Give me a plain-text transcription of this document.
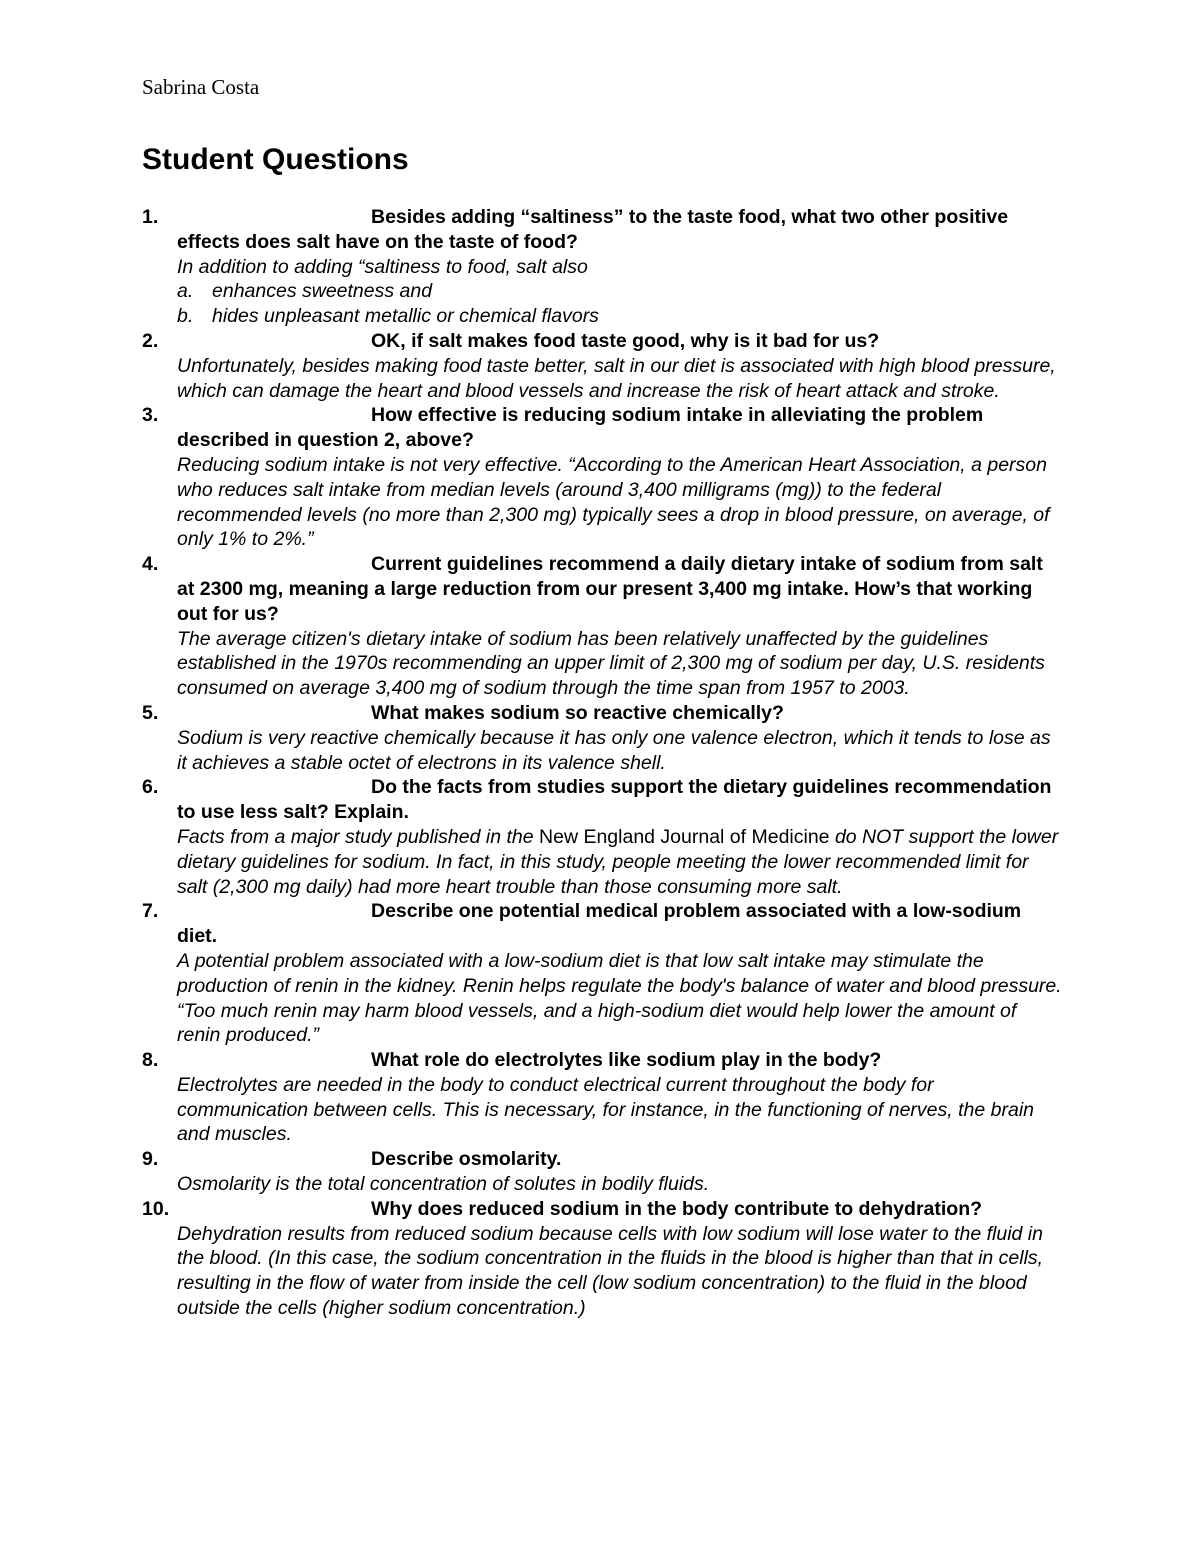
Sabrina Costa
Student Questions
1.	Besides adding “saltiness” to the taste food, what two other positive effects does salt have on the taste of food?

In addition to adding “saltiness to food, salt also

a. enhances sweetness and
b. hides unpleasant metallic or chemical flavors
2.	OK, if salt makes food taste good, why is it bad for us?

Unfortunately, besides making food taste better, salt in our diet is associated with high blood pressure, which can damage the heart and blood vessels and increase the risk of heart attack and stroke.

3.	How effective is reducing sodium intake in alleviating the problem described in question 2, above?

Reducing sodium intake is not very effective. “According to the American Heart Association, a person who reduces salt intake from median levels (around 3,400 milligrams (mg)) to the federal recommended levels (no more than 2,300 mg) typically sees a drop in blood pressure, on average, of only 1% to 2%.”

4.	Current guidelines recommend a daily dietary intake of sodium from salt at 2300 mg, meaning a large reduction from our present 3,400 mg intake. How’s that working out for us?

The average citizen's dietary intake of sodium has been relatively unaffected by the guidelines established in the 1970s recommending an upper limit of 2,300 mg of sodium per day, U.S. residents consumed on average 3,400 mg of sodium through the time span from 1957 to 2003.

5.	What makes sodium so reactive chemically?

Sodium is very reactive chemically because it has only one valence electron, which it tends to lose as it achieves a stable octet of electrons in its valence shell.

6.	Do the facts from studies support the dietary guidelines recommendation to use less salt? Explain.

Facts from a major study published in the New England Journal of Medicine do NOT support the lower dietary guidelines for sodium. In fact, in this study, people meeting the lower recommended limit for salt (2,300 mg daily) had more heart trouble than those consuming more salt.

7.	Describe one potential medical problem associated with a low-sodium diet.

A potential problem associated with a low-sodium diet is that low salt intake may stimulate the production of renin in the kidney. Renin helps regulate the body's balance of water and blood pressure. “Too much renin may harm blood vessels, and a high-sodium diet would help lower the amount of renin produced.”

8.	What role do electrolytes like sodium play in the body?

Electrolytes are needed in the body to conduct electrical current throughout the body for communication between cells. This is necessary, for instance, in the functioning of nerves, the brain and muscles.

9.	Describe osmolarity.

Osmolarity is the total concentration of solutes in bodily fluids.

10.	Why does reduced sodium in the body contribute to dehydration?

Dehydration results from reduced sodium because cells with low sodium will lose water to the fluid in the blood. (In this case, the sodium concentration in the fluids in the blood is higher than that in cells, resulting in the flow of water from inside the cell (low sodium concentration) to the fluid in the blood outside the cells (higher sodium concentration.)
